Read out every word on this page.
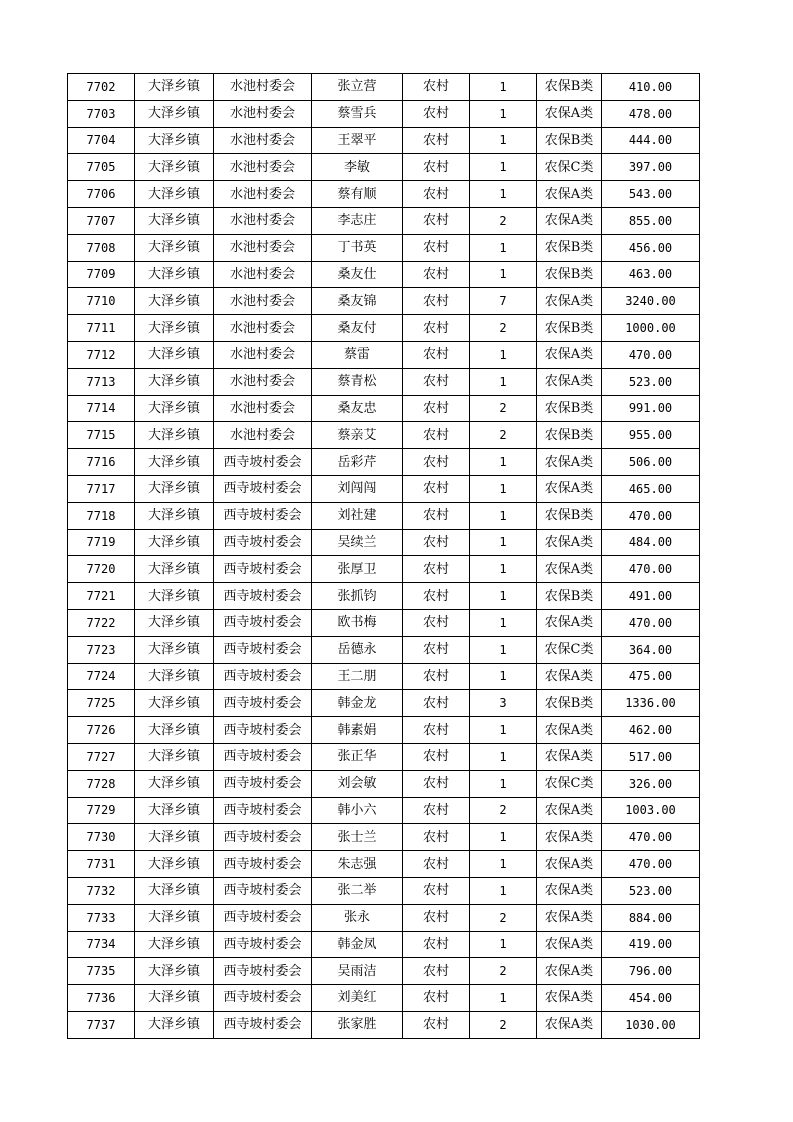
7702	大泽乡镇	水池村委会	张立营	农村	1	农保B类	410.00
7703	大泽乡镇	水池村委会	蔡雪兵	农村	1	农保A类	478.00
7704	大泽乡镇	水池村委会	王翠平	农村	1	农保B类	444.00
7705	大泽乡镇	水池村委会	李敏	农村	1	农保C类	397.00
7706	大泽乡镇	水池村委会	蔡有顺	农村	1	农保A类	543.00
7707	大泽乡镇	水池村委会	李志庄	农村	2	农保A类	855.00
7708	大泽乡镇	水池村委会	丁书英	农村	1	农保B类	456.00
7709	大泽乡镇	水池村委会	桑友仕	农村	1	农保B类	463.00
7710	大泽乡镇	水池村委会	桑友锦	农村	7	农保A类	3240.00
7711	大泽乡镇	水池村委会	桑友付	农村	2	农保B类	1000.00
7712	大泽乡镇	水池村委会	蔡雷	农村	1	农保A类	470.00
7713	大泽乡镇	水池村委会	蔡青松	农村	1	农保A类	523.00
7714	大泽乡镇	水池村委会	桑友忠	农村	2	农保B类	991.00
7715	大泽乡镇	水池村委会	蔡亲艾	农村	2	农保B类	955.00
7716	大泽乡镇	西寺坡村委会	岳彩芹	农村	1	农保A类	506.00
7717	大泽乡镇	西寺坡村委会	刘闯闯	农村	1	农保A类	465.00
7718	大泽乡镇	西寺坡村委会	刘社建	农村	1	农保B类	470.00
7719	大泽乡镇	西寺坡村委会	吴续兰	农村	1	农保A类	484.00
7720	大泽乡镇	西寺坡村委会	张厚卫	农村	1	农保A类	470.00
7721	大泽乡镇	西寺坡村委会	张抓钧	农村	1	农保B类	491.00
7722	大泽乡镇	西寺坡村委会	欧书梅	农村	1	农保A类	470.00
7723	大泽乡镇	西寺坡村委会	岳德永	农村	1	农保C类	364.00
7724	大泽乡镇	西寺坡村委会	王二朋	农村	1	农保A类	475.00
7725	大泽乡镇	西寺坡村委会	韩金龙	农村	3	农保B类	1336.00
7726	大泽乡镇	西寺坡村委会	韩素娟	农村	1	农保A类	462.00
7727	大泽乡镇	西寺坡村委会	张正华	农村	1	农保A类	517.00
7728	大泽乡镇	西寺坡村委会	刘会敏	农村	1	农保C类	326.00
7729	大泽乡镇	西寺坡村委会	韩小六	农村	2	农保A类	1003.00
7730	大泽乡镇	西寺坡村委会	张士兰	农村	1	农保A类	470.00
7731	大泽乡镇	西寺坡村委会	朱志强	农村	1	农保A类	470.00
7732	大泽乡镇	西寺坡村委会	张二举	农村	1	农保A类	523.00
7733	大泽乡镇	西寺坡村委会	张永	农村	2	农保A类	884.00
7734	大泽乡镇	西寺坡村委会	韩金凤	农村	1	农保A类	419.00
7735	大泽乡镇	西寺坡村委会	吴雨洁	农村	2	农保A类	796.00
7736	大泽乡镇	西寺坡村委会	刘美红	农村	1	农保A类	454.00
7737	大泽乡镇	西寺坡村委会	张家胜	农村	2	农保A类	1030.00
